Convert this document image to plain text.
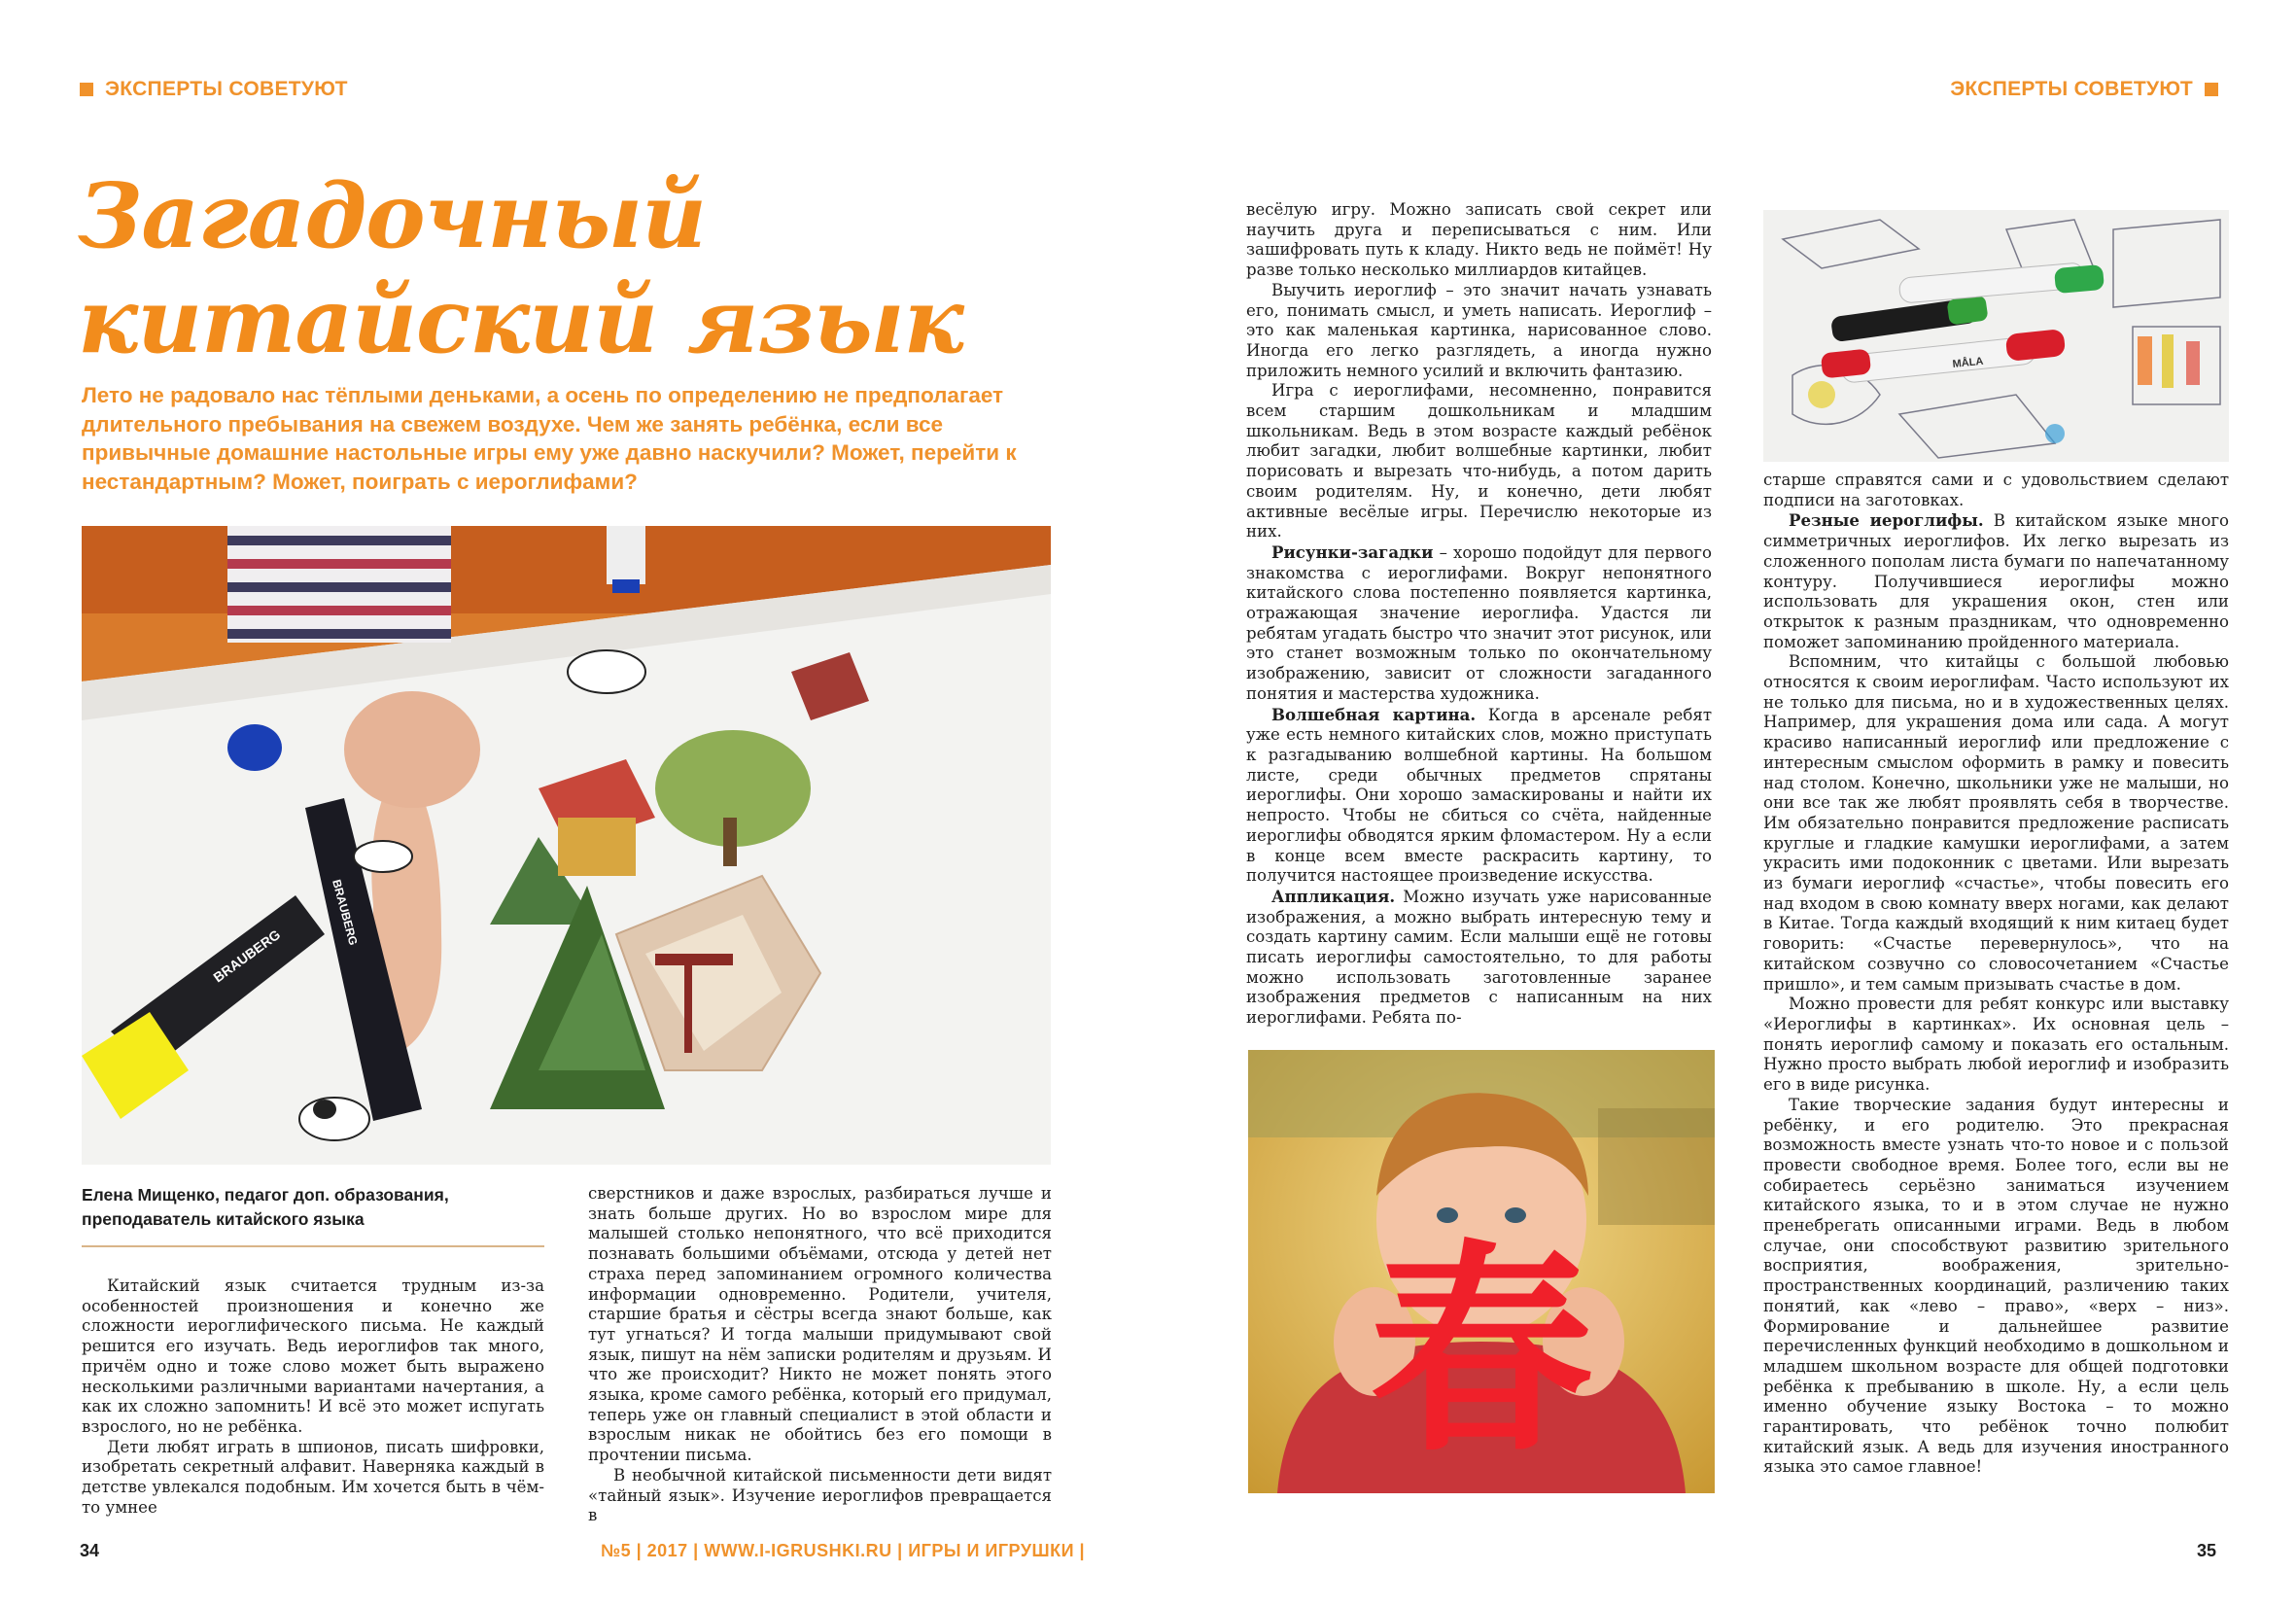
ЭКСПЕРТЫ СОВЕТУЮТ	ЭКСПЕРТЫ СОВЕТУЮТ
Загадочный
китайский язык
Лето не радовало нас тёплыми деньками, а осень по определению не предполагает длительного пребывания на свежем воздухе. Чем же занять ребёнка, если все привычные домашние настольные игры ему уже давно наскучили? Может, перейти к нестандартным? Может, поиграть с иероглифами?
BRAUBERG
BRAUBERG
Елена Мищенко, педагог доп. образования,
преподаватель китайского языка

Китайский язык считается трудным из-за особенностей произношения и конечно же сложности иероглифического письма. Не каждый решится его изучать. Ведь иероглифов так много, причём одно и тоже слово может быть выражено несколькими различными вариантами начертания, а как их сложно запомнить! И всё это может испугать взрослого, но не ребёнка.

Дети любят играть в шпионов, писать шифровки, изобретать секретный алфавит. Наверняка каждый в детстве увлекался подобным. Им хочется быть в чём-то умнее

сверстников и даже взрослых, разбираться лучше и знать больше других. Но во взрослом мире для малышей столько непонятного, что всё приходится познавать большими объёмами, отсюда у детей нет страха перед запоминанием огромного количества информации одновременно. Родители, учителя, старшие братья и сёстры всегда знают больше, как тут угнаться? И тогда малыши придумывают свой язык, пишут на нём записки родителям и друзьям. И что же происходит? Никто не может понять этого языка, кроме самого ребёнка, который его придумал, теперь уже он главный специалист в этой области и взрослым никак не обойтись без его помощи в прочтении письма.

В необычной китайской письменности дети видят «тайный язык». Изучение иероглифов превращается в

весёлую игру. Можно записать свой секрет или научить друга и переписываться с ним. Или зашифровать путь к кладу. Никто ведь не поймёт! Ну разве только несколько миллиардов китайцев.

Выучить иероглиф – это значит начать узнавать его, понимать смысл, и уметь написать. Иероглиф – это как маленькая картинка, нарисованное слово. Иногда его легко разглядеть, а иногда нужно приложить немного усилий и включить фантазию.

Игра с иероглифами, несомненно, понравится всем старшим дошкольникам и младшим школьникам. Ведь в этом возрасте каждый ребёнок любит загадки, любит волшебные картинки, любит порисовать и вырезать что-нибудь, а потом дарить своим родителям. Ну, и конечно, дети любят активные весёлые игры. Перечислю некоторые из них.

Рисунки-загадки – хорошо подойдут для первого знакомства с иероглифами. Вокруг непонятного китайского слова постепенно появляется картинка, отражающая значение иероглифа. Удастся ли ребятам угадать быстро что значит этот рисунок, или это станет возможным только по окончательному изображению, зависит от сложности загаданного понятия и мастерства художника.

Волшебная картина. Когда в арсенале ребят уже есть немного китайских слов, можно приступать к разгадыванию волшебной картины. На большом листе, среди обычных предметов спрятаны иероглифы. Они хорошо замаскированы и найти их непросто. Чтобы не сбиться со счёта, найденные иероглифы обводятся ярким фломастером. Ну а если в конце всем вместе раскрасить картину, то получится настоящее произведение искусства.

Аппликация. Можно изучать уже нарисованные изображения, а можно выбрать интересную тему и создать картину самим. Если малыши ещё не готовы писать иероглифы самостоятельно, то для работы можно использовать заготовленные заранее изображения предметов с написанным на них иероглифами. Ребята по-

春
MÅLA

старше справятся сами и с удовольствием сделают подписи на заготовках.

Резные иероглифы. В китайском языке много симметричных иероглифов. Их легко вырезать из сложенного пополам листа бумаги по напечатанному контуру. Получившиеся иероглифы можно использовать для украшения окон, стен или открыток к разным праздникам, что одновременно поможет запоминанию пройденного материала.

Вспомним, что китайцы с большой любовью относятся к своим иероглифам. Часто используют их не только для письма, но и в художественных целях. Например, для украшения дома или сада. А могут красиво написанный иероглиф или предложение с интересным смыслом оформить в рамку и повесить над столом. Конечно, школьники уже не малыши, но они все так же любят проявлять себя в творчестве. Им обязательно понравится предложение расписать круглые и гладкие камушки иероглифами, а затем украсить ими подоконник с цветами. Или вырезать из бумаги иероглиф «счастье», чтобы повесить его над входом в свою комнату вверх ногами, как делают в Китае. Тогда каждый входящий к ним китаец будет говорить: «Счастье перевернулось», что на китайском созвучно со словосочетанием «Счастье пришло», и тем самым призывать счастье в дом.

Можно провести для ребят конкурс или выставку «Иероглифы в картинках». Их основная цель – понять иероглиф самому и показать его остальным. Нужно просто выбрать любой иероглиф и изобразить его в виде рисунка.

Такие творческие задания будут интересны и ребёнку, и его родителю. Это прекрасная возможность вместе узнать что-то новое и с пользой провести свободное время. Более того, если вы не собираетесь серьёзно заниматься изучением китайского языка, то и в этом случае не нужно пренебрегать описанными играми. Ведь в любом случае, они способствуют развитию зрительного восприятия, воображения, зрительно-пространственных координаций, различению таких понятий, как «лево – право», «верх – низ». Формирование и дальнейшее развитие перечисленных функций необходимо в дошкольном и младшем школьном возрасте для общей подготовки ребёнка к пребыванию в школе. Ну, а если цель именно обучение языку Востока – то можно гарантировать, что ребёнок точно полюбит китайский язык. А ведь для изучения иностранного языка это самое главное!

34	№5 | 2017 | WWW.I-IGRUSHKI.RU | ИГРЫ И ИГРУШКИ |	35
